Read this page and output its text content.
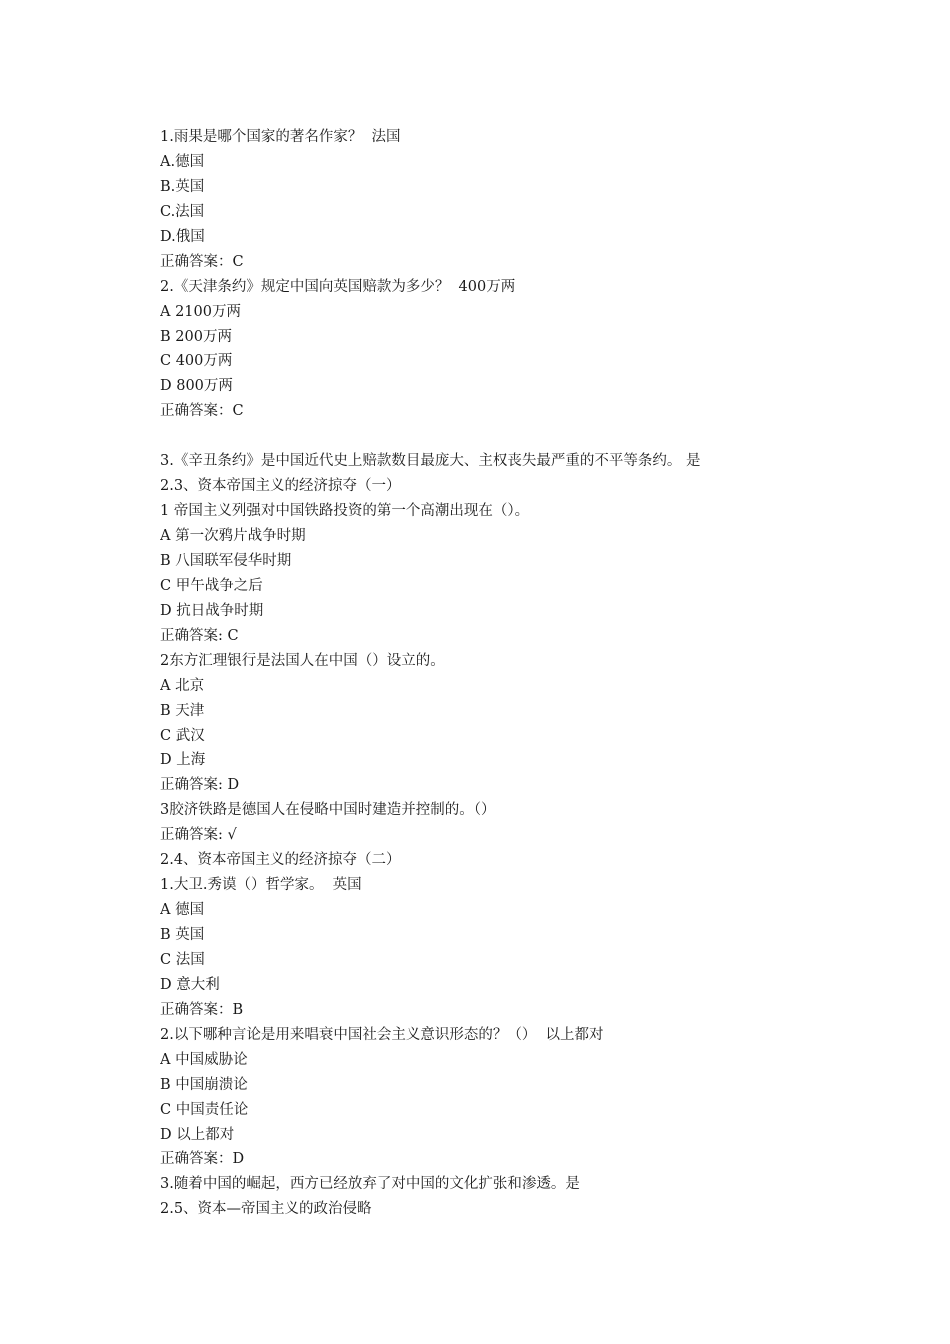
1.雨果是哪个国家的著名作家？  法国
A.德国
B.英国
C.法国
D.俄国
正确答案：C
2.《天津条约》规定中国向英国赔款为多少？  400万两
A 2100万两
B 200万两
C 400万两
D 800万两
正确答案：C
3.《辛丑条约》是中国近代史上赔款数目最庞大、主权丧失最严重的不平等条约。 是
2.3、资本帝国主义的经济掠夺（一）
1 帝国主义列强对中国铁路投资的第一个高潮出现在（）。
A 第一次鸦片战争时期
B 八国联军侵华时期
C 甲午战争之后
D 抗日战争时期
正确答案: C
2东方汇理银行是法国人在中国（）设立的。
A 北京
B 天津
C 武汉
D 上海
正确答案: D
3胶济铁路是德国人在侵略中国时建造并控制的。（）
正确答案: √
2.4、资本帝国主义的经济掠夺（二）
1.大卫.秀谟（）哲学家。  英国
A 德国
B 英国
C 法国
D 意大利
正确答案：B
2.以下哪种言论是用来唱衰中国社会主义意识形态的？（）  以上都对
A 中国威胁论
B 中国崩溃论
C 中国责任论
D 以上都对
正确答案：D
3.随着中国的崛起，西方已经放弃了对中国的文化扩张和渗透。是
2.5、资本—帝国主义的政治侵略
